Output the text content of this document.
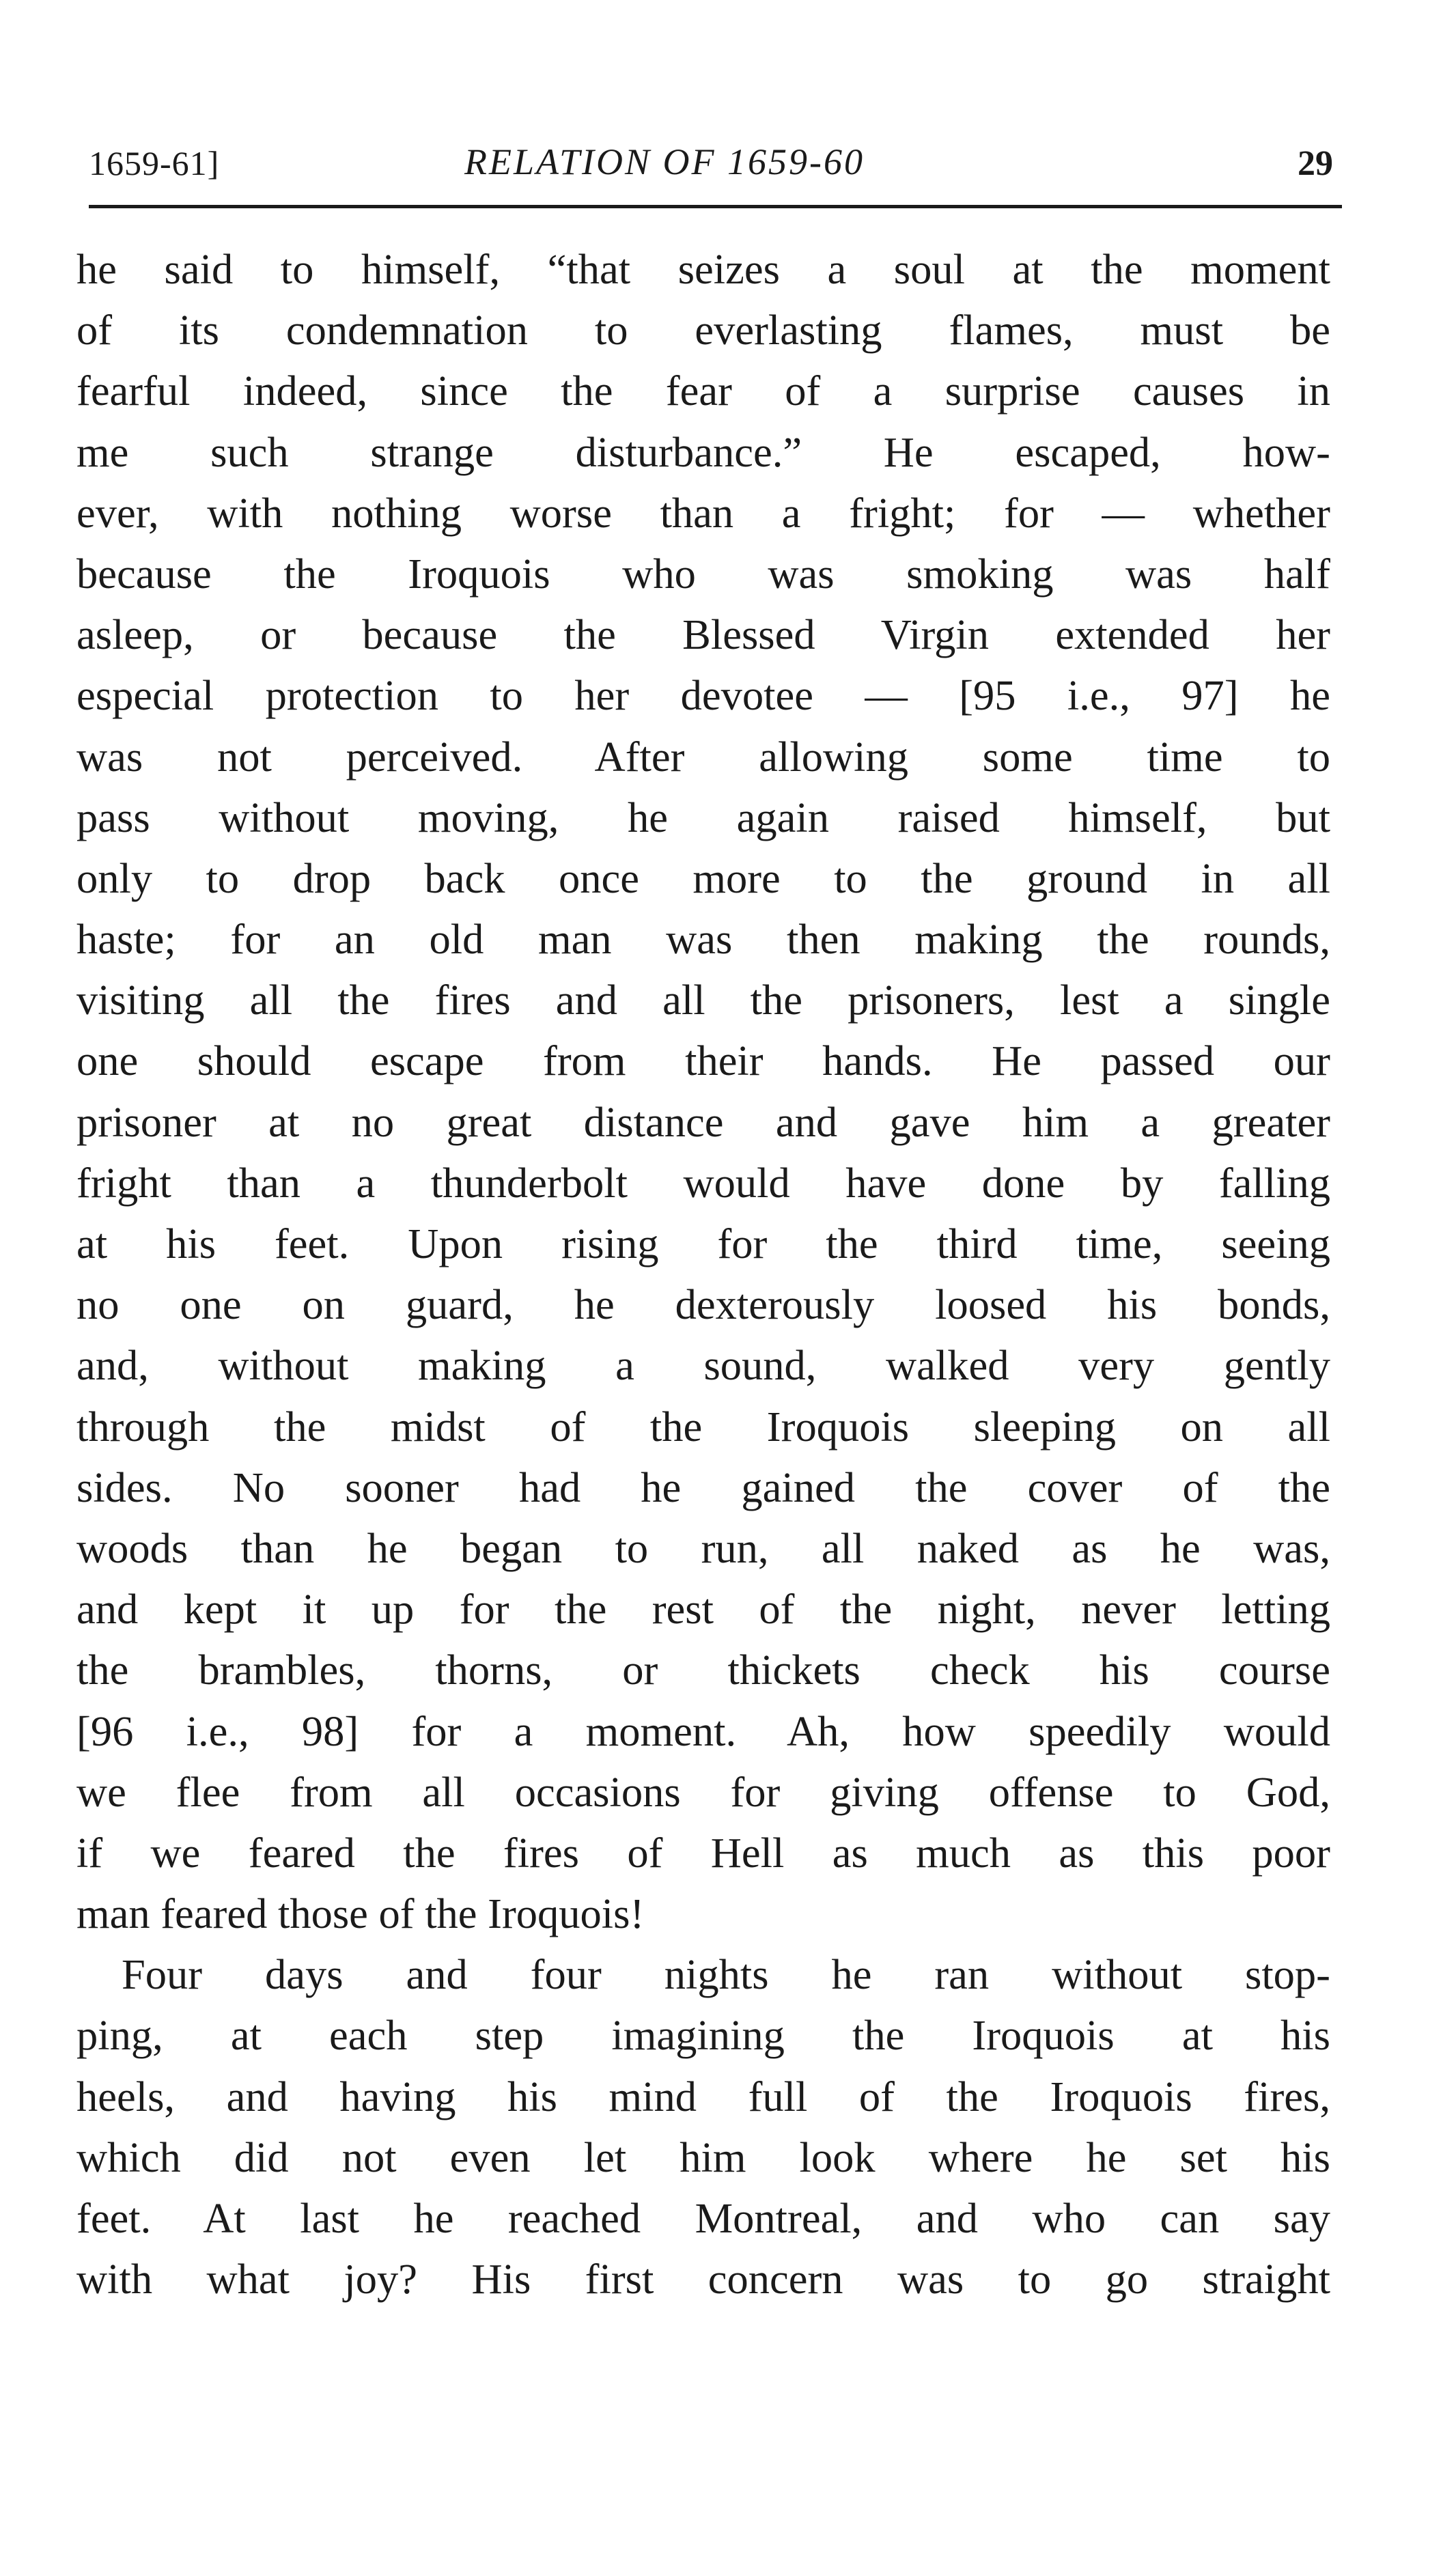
1659-61]	RELATION OF 1659-60	29
he said to himself, “that seizes a soul at the moment
of its condemnation to everlasting flames, must be
fearful indeed, since the fear of a surprise causes in
me such strange disturbance.” He escaped, how-
ever, with nothing worse than a fright; for — whether
because the Iroquois who was smoking was half
asleep, or because the Blessed Virgin extended her
especial protection to her devotee — [95 i.e., 97] he
was not perceived. After allowing some time to
pass without moving, he again raised himself, but
only to drop back once more to the ground in all
haste; for an old man was then making the rounds,
visiting all the fires and all the prisoners, lest a single
one should escape from their hands. He passed our
prisoner at no great distance and gave him a greater
fright than a thunderbolt would have done by falling
at his feet. Upon rising for the third time, seeing
no one on guard, he dexterously loosed his bonds,
and, without making a sound, walked very gently
through the midst of the Iroquois sleeping on all
sides. No sooner had he gained the cover of the
woods than he began to run, all naked as he was,
and kept it up for the rest of the night, never letting
the brambles, thorns, or thickets check his course
[96 i.e., 98] for a moment. Ah, how speedily would
we flee from all occasions for giving offense to God,
if we feared the fires of Hell as much as this poor
man feared those of the Iroquois!
Four days and four nights he ran without stop-
ping, at each step imagining the Iroquois at his
heels, and having his mind full of the Iroquois fires,
which did not even let him look where he set his
feet. At last he reached Montreal, and who can say
with what joy? His first concern was to go straight
